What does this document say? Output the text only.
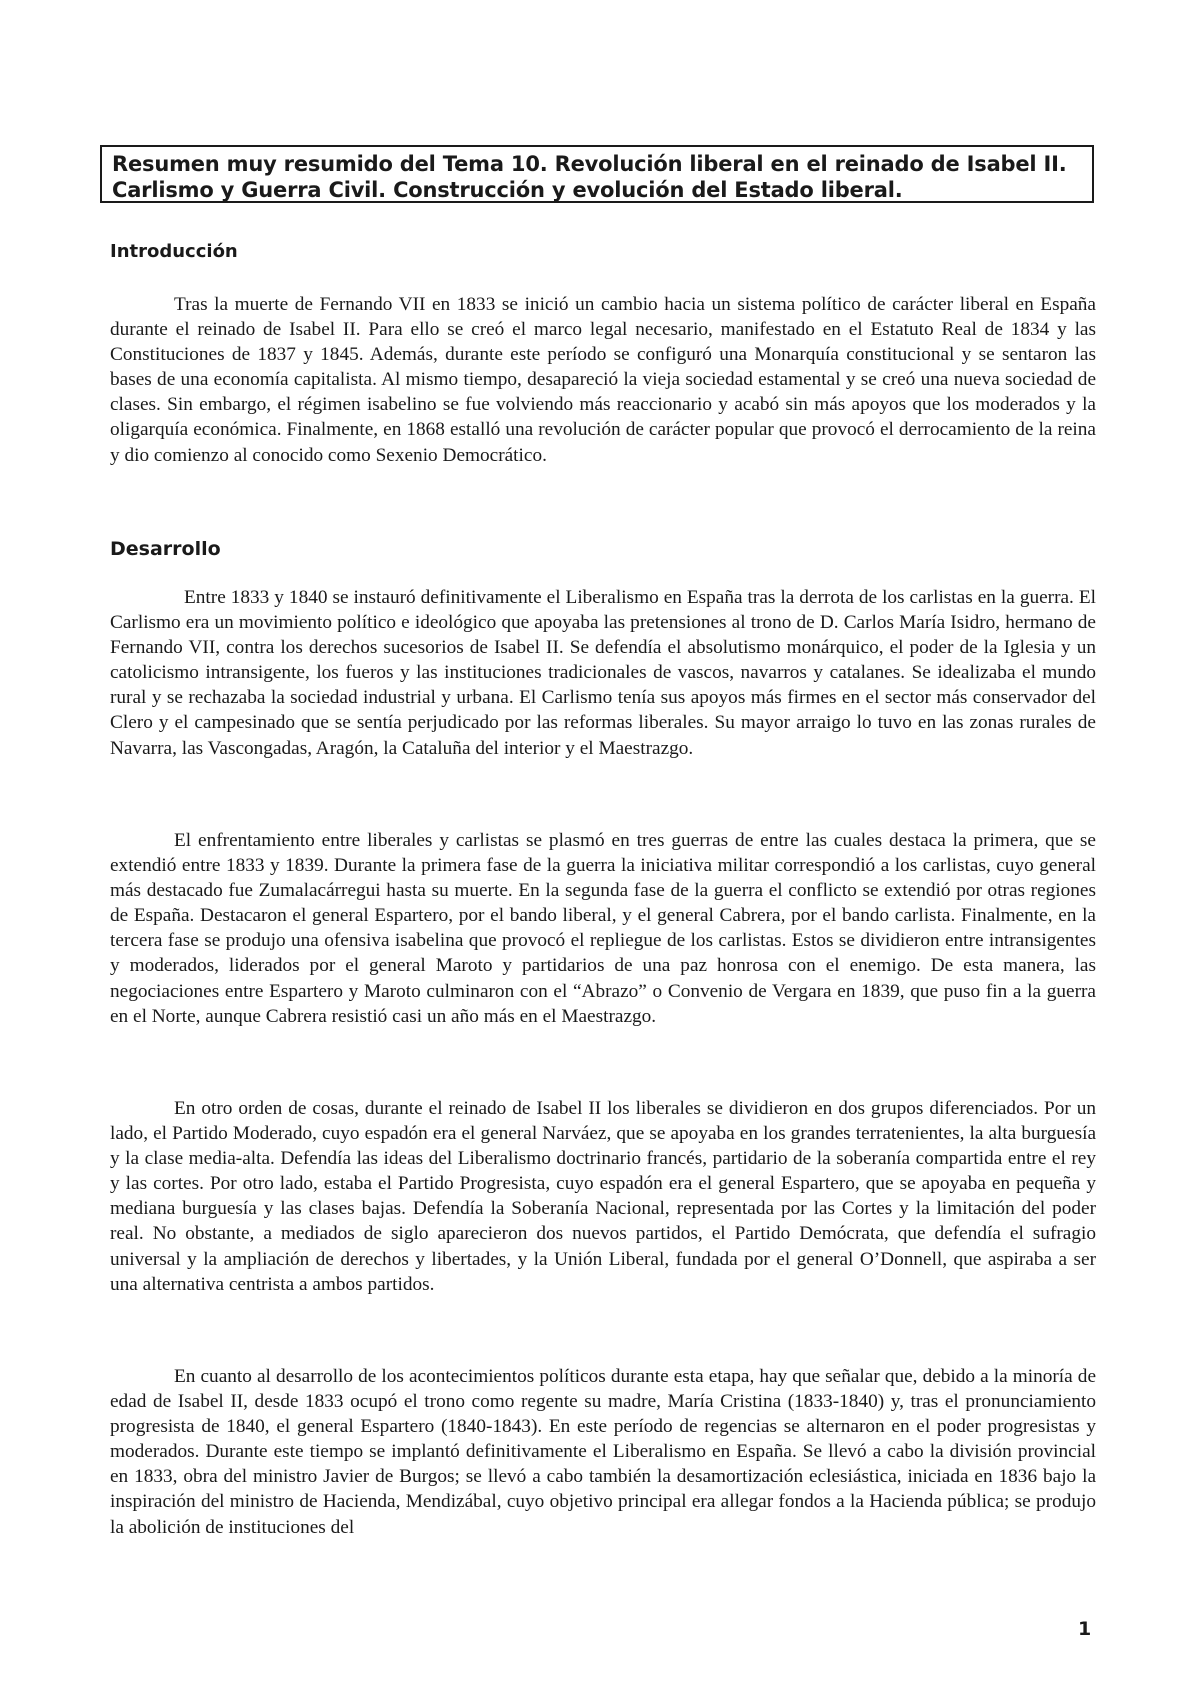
Resumen muy resumido del Tema 10. Revolución liberal en el reinado de Isabel II.
Carlismo y Guerra Civil. Construcción y evolución del Estado liberal.
Introducción

Tras la muerte de Fernando VII en 1833 se inició un cambio hacia un sistema político de carácter liberal en España durante el reinado de Isabel II. Para ello se creó el marco legal necesario, manifestado en el Estatuto Real de 1834 y las Constituciones de 1837 y 1845. Además, durante este período se configuró una Monarquía constitucional y se sentaron las bases de una economía capitalista. Al mismo tiempo, desapareció la vieja sociedad estamental y se creó una nueva sociedad de clases. Sin embargo, el régimen isabelino se fue volviendo más reaccionario y acabó sin más apoyos que los moderados y la oligarquía económica. Finalmente, en 1868 estalló una revolución de carácter popular que provocó el derrocamiento de la reina y dio comienzo al conocido como Sexenio Democrático.

Desarrollo

Entre 1833 y 1840 se instauró definitivamente el Liberalismo en España tras la derrota de los carlistas en la guerra. El Carlismo era un movimiento político e ideológico que apoyaba las pretensiones al trono de D. Carlos María Isidro, hermano de Fernando VII, contra los derechos sucesorios de Isabel II. Se defendía el absolutismo monárquico, el poder de la Iglesia y un catolicismo intransigente, los fueros y las instituciones tradicionales de vascos, navarros y catalanes. Se idealizaba el mundo rural y se rechazaba la sociedad industrial y urbana. El Carlismo tenía sus apoyos más firmes en el sector más conservador del Clero y el campesinado que se sentía perjudicado por las reformas liberales. Su mayor arraigo lo tuvo en las zonas rurales de Navarra, las Vascongadas, Aragón, la Cataluña del interior y el Maestrazgo.

El enfrentamiento entre liberales y carlistas se plasmó en tres guerras de entre las cuales destaca la primera, que se extendió entre 1833 y 1839. Durante la primera fase de la guerra la iniciativa militar correspondió a los carlistas, cuyo general más destacado fue Zumalacárregui hasta su muerte. En la segunda fase de la guerra el conflicto se extendió por otras regiones de España. Destacaron el general Espartero, por el bando liberal, y el general Cabrera, por el bando carlista. Finalmente, en la tercera fase se produjo una ofensiva isabelina que provocó el repliegue de los carlistas. Estos se dividieron entre intransigentes y moderados, liderados por el general Maroto y partidarios de una paz honrosa con el enemigo. De esta manera, las negociaciones entre Espartero y Maroto culminaron con el “Abrazo” o Convenio de Vergara en 1839, que puso fin a la guerra en el Norte, aunque Cabrera resistió casi un año más en el Maestrazgo.

En otro orden de cosas, durante el reinado de Isabel II los liberales se dividieron en dos grupos diferenciados. Por un lado, el Partido Moderado, cuyo espadón era el general Narváez, que se apoyaba en los grandes terratenientes, la alta burguesía y la clase media-alta. Defendía las ideas del Liberalismo doctrinario francés, partidario de la soberanía compartida entre el rey y las cortes. Por otro lado, estaba el Partido Progresista, cuyo espadón era el general Espartero, que se apoyaba en pequeña y mediana burguesía y las clases bajas. Defendía la Soberanía Nacional, representada por las Cortes y la limitación del poder real. No obstante, a mediados de siglo aparecieron dos nuevos partidos, el Partido Demócrata, que defendía el sufragio universal y la ampliación de derechos y libertades, y la Unión Liberal, fundada por el general O’Donnell, que aspiraba a ser una alternativa centrista a ambos partidos.

En cuanto al desarrollo de los acontecimientos políticos durante esta etapa, hay que señalar que, debido a la minoría de edad de Isabel II, desde 1833 ocupó el trono como regente su madre, María Cristina (1833-1840) y, tras el pronunciamiento progresista de 1840, el general Espartero (1840-1843). En este período de regencias se alternaron en el poder progresistas y moderados. Durante este tiempo se implantó definitivamente el Liberalismo en España. Se llevó a cabo la división provincial en 1833, obra del ministro Javier de Burgos; se llevó a cabo también la desamortización eclesiástica, iniciada en 1836 bajo la inspiración del ministro de Hacienda, Mendizábal, cuyo objetivo principal era allegar fondos a la Hacienda pública; se produjo la abolición de instituciones del

1
